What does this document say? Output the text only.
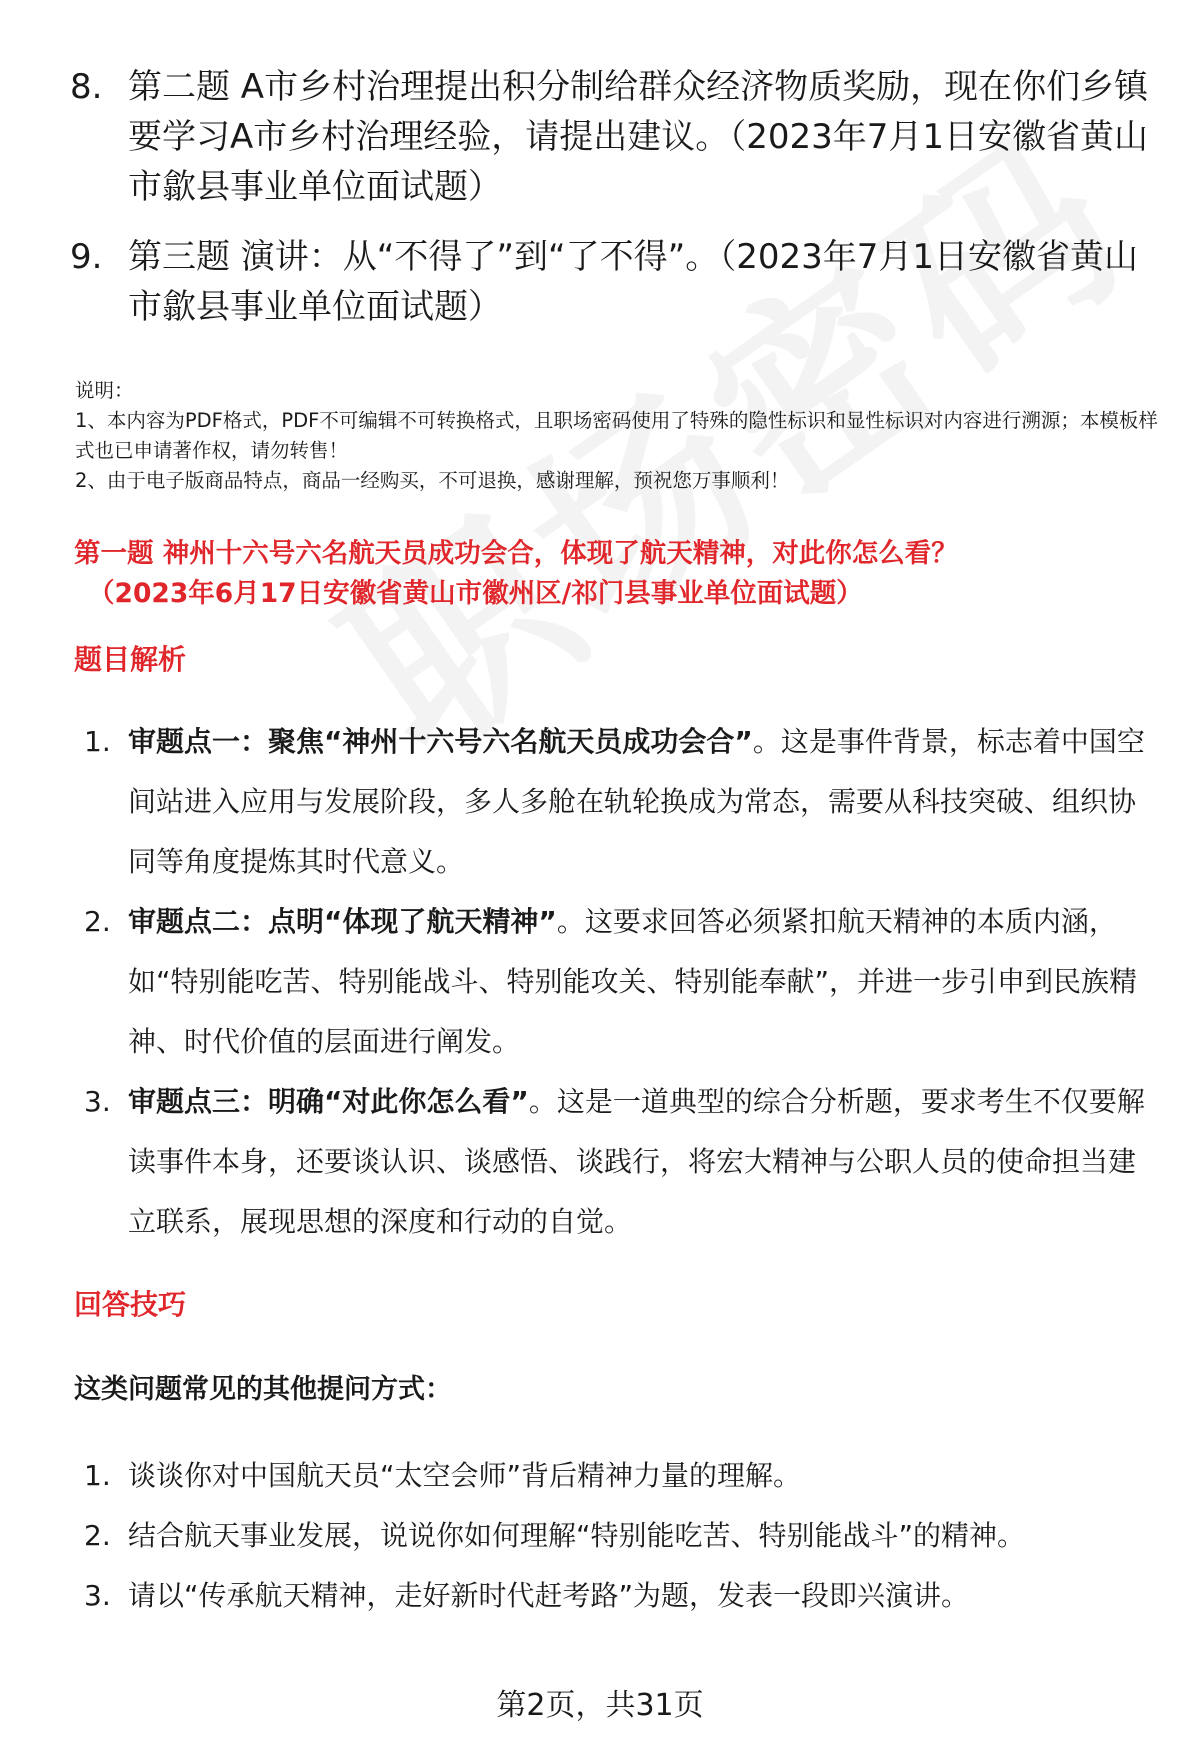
8. 第二题 A市乡村治理提出积分制给群众经济物质奖励，现在你们乡镇要学习A市乡村治理经验，请提出建议。（2023年7月1日安徽省黄山市歙县事业单位面试题）
9. 第三题 演讲：从“不得了”到“了不得”。（2023年7月1日安徽省黄山市歙县事业单位面试题）
说明：
1、本内容为PDF格式，PDF不可编辑不可转换格式，且职场密码使用了特殊的隐性标识和显性标识对内容进行溯源；本模板样式也已申请著作权，请勿转售！
2、由于电子版商品特点，商品一经购买，不可退换，感谢理解，预祝您万事顺利！
第一题 神州十六号六名航天员成功会合，体现了航天精神，对此你怎么看？
（2023年6月17日安徽省黄山市徽州区/祁门县事业单位面试题）
题目解析
1. 审题点一：聚焦“神州十六号六名航天员成功会合”。这是事件背景，标志着中国空间站进入应用与发展阶段，多人多舱在轨轮换成为常态，需要从科技突破、组织协同等角度提炼其时代意义。
2. 审题点二：点明“体现了航天精神”。这要求回答必须紧扣航天精神的本质内涵，如“特别能吃苦、特别能战斗、特别能攻关、特别能奉献”，并进一步引申到民族精神、时代价值的层面进行阐发。
3. 审题点三：明确“对此你怎么看”。这是一道典型的综合分析题，要求考生不仅要解读事件本身，还要谈认识、谈感悟、谈践行，将宏大精神与公职人员的使命担当建立联系，展现思想的深度和行动的自觉。
回答技巧
这类问题常见的其他提问方式：
1. 谈谈你对中国航天员“太空会师”背后精神力量的理解。
2. 结合航天事业发展，说说你如何理解“特别能吃苦、特别能战斗”的精神。
3. 请以“传承航天精神，走好新时代赶考路”为题，发表一段即兴演讲。
第2页，共31页
